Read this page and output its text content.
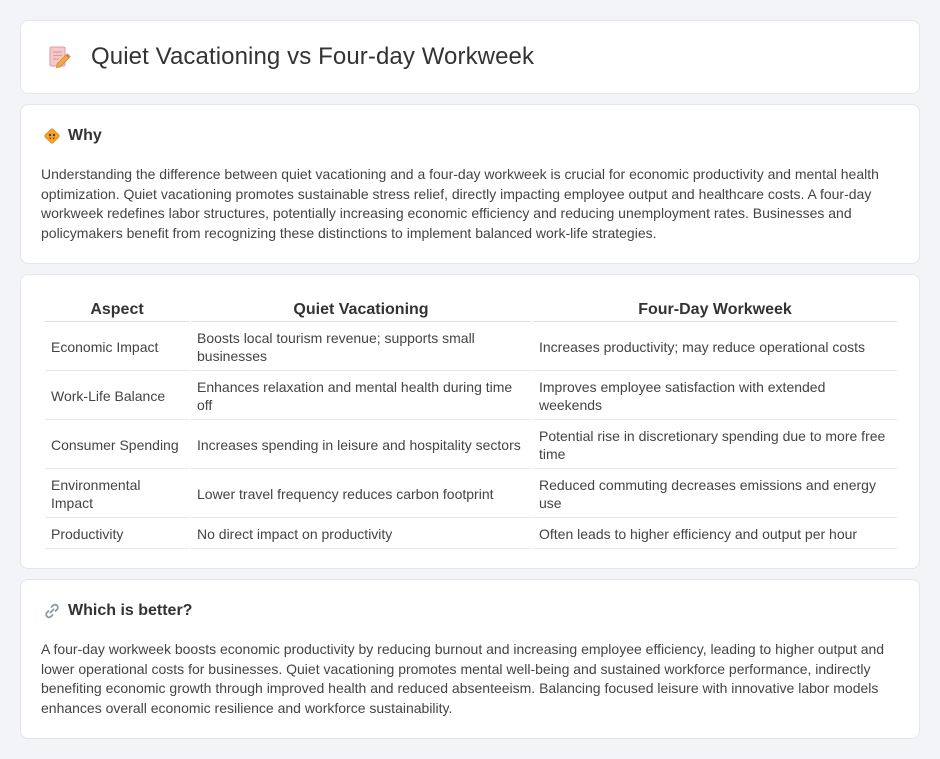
Quiet Vacationing vs Four-day Workweek
Why

Understanding the difference between quiet vacationing and a four-day workweek is crucial for economic productivity and mental health optimization. Quiet vacationing promotes sustainable stress relief, directly impacting employee output and healthcare costs. A four-day workweek redefines labor structures, potentially increasing economic efficiency and reducing unemployment rates. Businesses and policymakers benefit from recognizing these distinctions to implement balanced work-life strategies.

Aspect	Quiet Vacationing	Four-Day Workweek
Economic Impact	Boosts local tourism revenue; supports small businesses	Increases productivity; may reduce operational costs
Work-Life Balance	Enhances relaxation and mental health during time off	Improves employee satisfaction with extended weekends
Consumer Spending	Increases spending in leisure and hospitality sectors	Potential rise in discretionary spending due to more free time
Environmental Impact	Lower travel frequency reduces carbon footprint	Reduced commuting decreases emissions and energy use
Productivity	No direct impact on productivity	Often leads to higher efficiency and output per hour
Which is better?

A four-day workweek boosts economic productivity by reducing burnout and increasing employee efficiency, leading to higher output and lower operational costs for businesses. Quiet vacationing promotes mental well-being and sustained workforce performance, indirectly benefiting economic growth through improved health and reduced absenteeism. Balancing focused leisure with innovative labor models enhances overall economic resilience and workforce sustainability.
